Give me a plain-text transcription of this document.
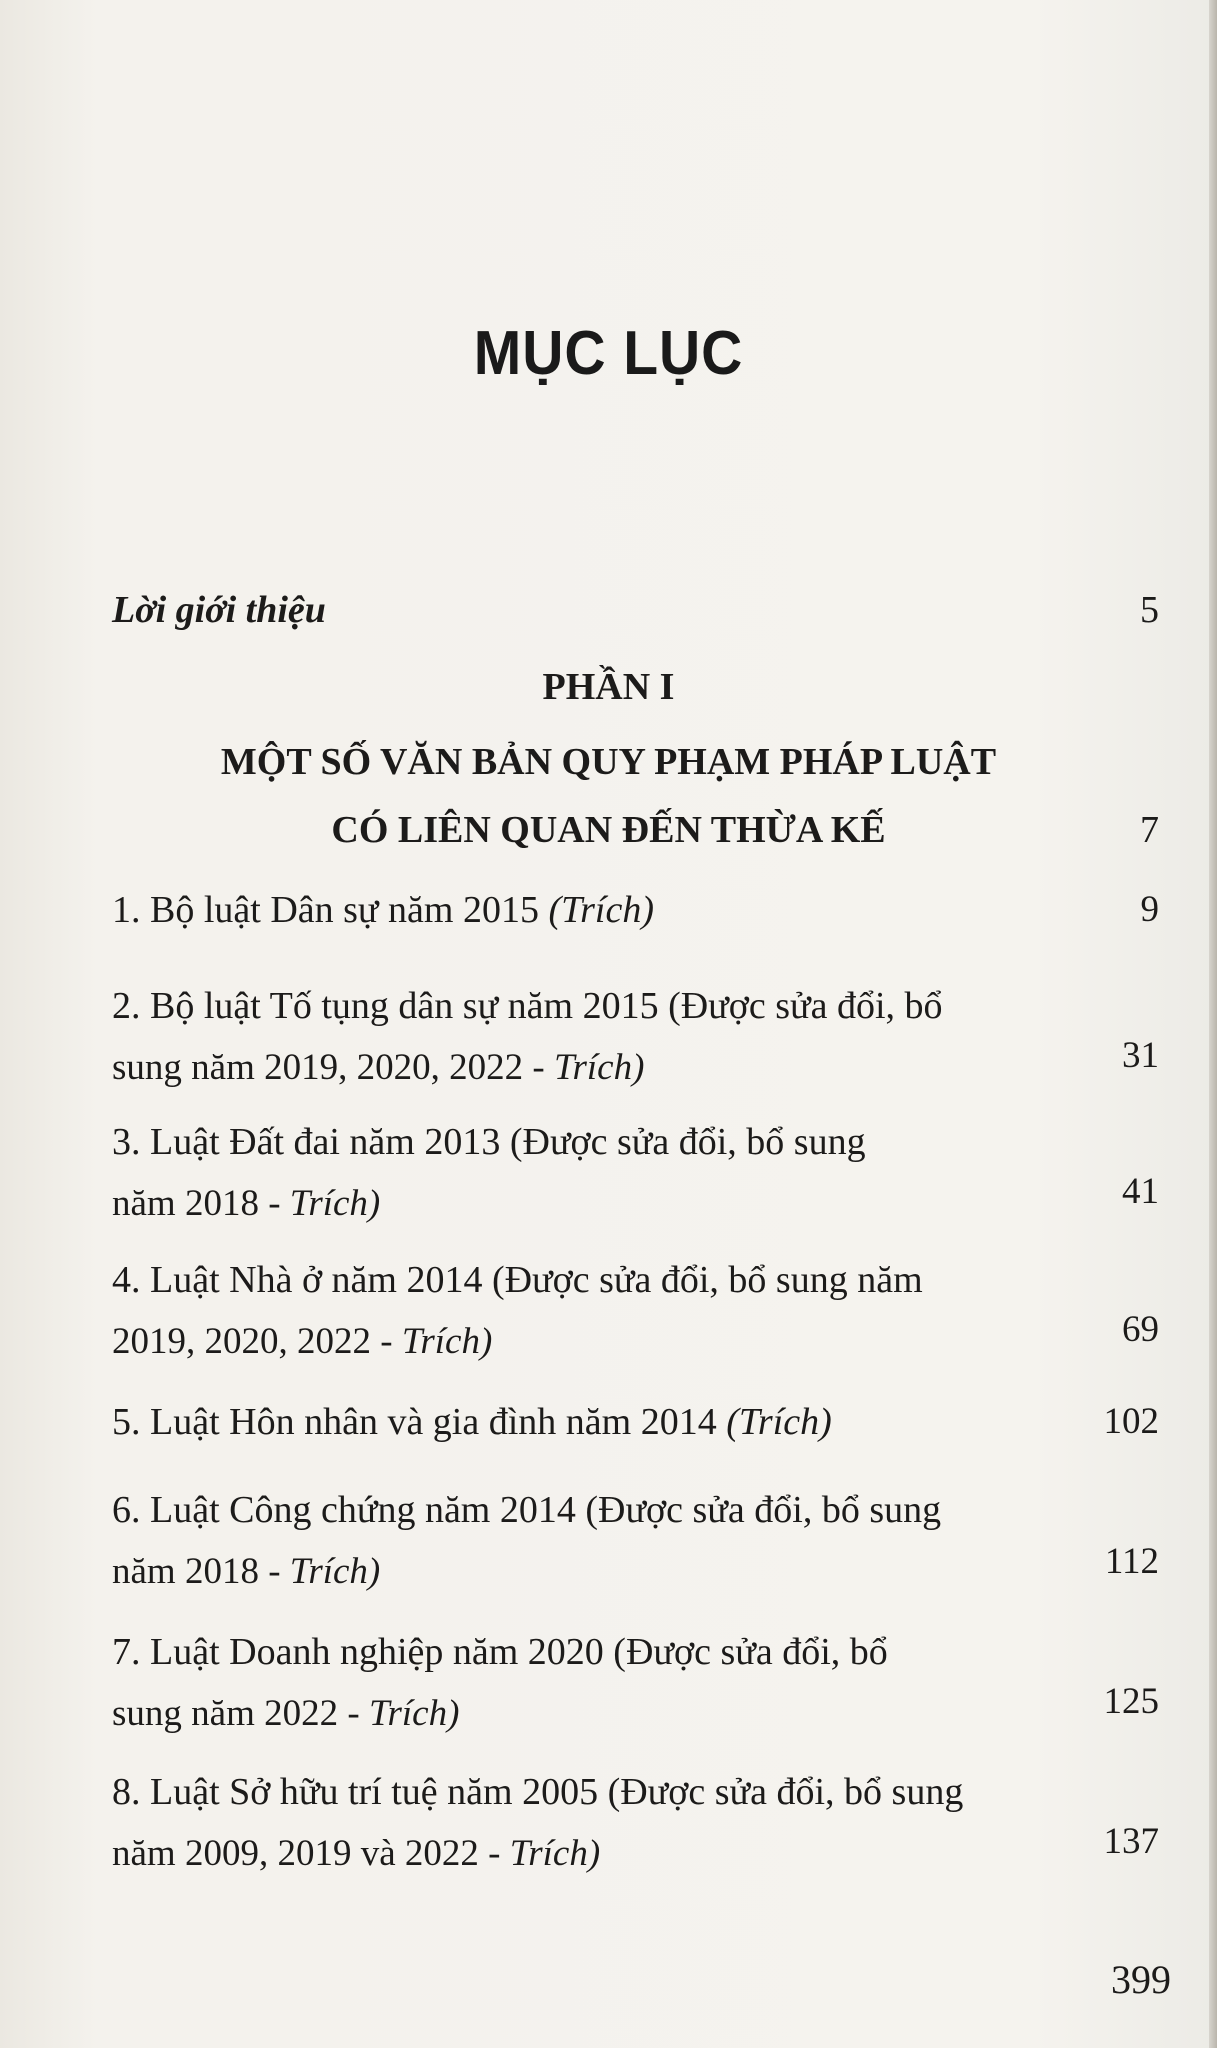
MỤC LỤC
Lời giới thiệu	5
PHẦN I
MỘT SỐ VĂN BẢN QUY PHẠM PHÁP LUẬT
CÓ LIÊN QUAN ĐẾN THỪA KẾ	7
1. Bộ luật Dân sự năm 2015 (Trích)	9
2. Bộ luật Tố tụng dân sự năm 2015 (Được sửa đổi, bổ
sung năm 2019, 2020, 2022 - Trích)	31
3. Luật Đất đai năm 2013 (Được sửa đổi, bổ sung
năm 2018 - Trích)	41
4. Luật Nhà ở năm 2014 (Được sửa đổi, bổ sung năm
2019, 2020, 2022 - Trích)	69
5. Luật Hôn nhân và gia đình năm 2014 (Trích)	102
6. Luật Công chứng năm 2014 (Được sửa đổi, bổ sung
năm 2018 - Trích)	112
7. Luật Doanh nghiệp năm 2020 (Được sửa đổi, bổ
sung năm 2022 - Trích)	125
8. Luật Sở hữu trí tuệ năm 2005 (Được sửa đổi, bổ sung
năm 2009, 2019 và 2022 - Trích)	137
399
